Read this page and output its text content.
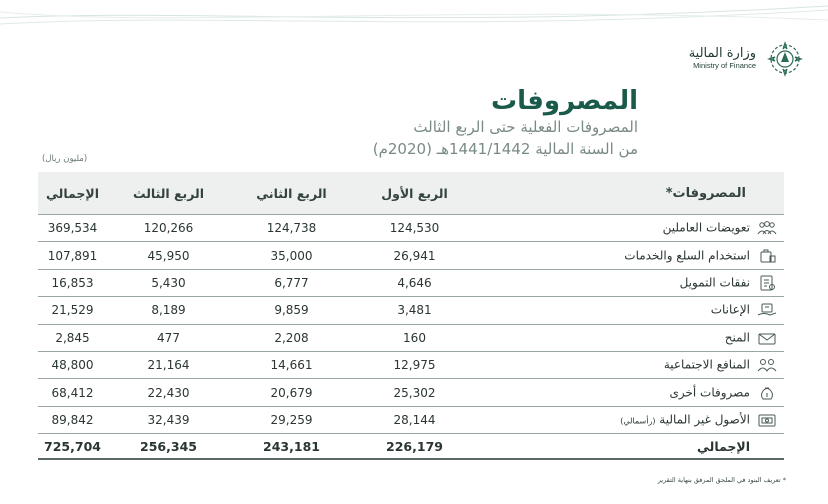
وزارة المالية
Ministry of Finance
المصروفات
المصروفات الفعلية حتى الربع الثالث
من السنة المالية 1441/1442هـ (2020م)
(مليون ريال)
المصروفات*	الربع الأول	الربع الثاني	الربع الثالث	الإجمالي
تعويضات العاملين	124,530	124,738	120,266	369,534
استخدام السلع والخدمات	26,941	35,000	45,950	107,891
نفقات التمويل	4,646	6,777	5,430	16,853
الإعانات	3,481	9,859	8,189	21,529
المنح	160	2,208	477	2,845
المنافع الاجتماعية	12,975	14,661	21,164	48,800
مصروفات أخرى	25,302	20,679	22,430	68,412
الأصول غير المالية (رأسمالي)	28,144	29,259	32,439	89,842
الإجمالي	226,179	243,181	256,345	725,704
* تعريف البنود في الملحق المرفق بنهاية التقرير
